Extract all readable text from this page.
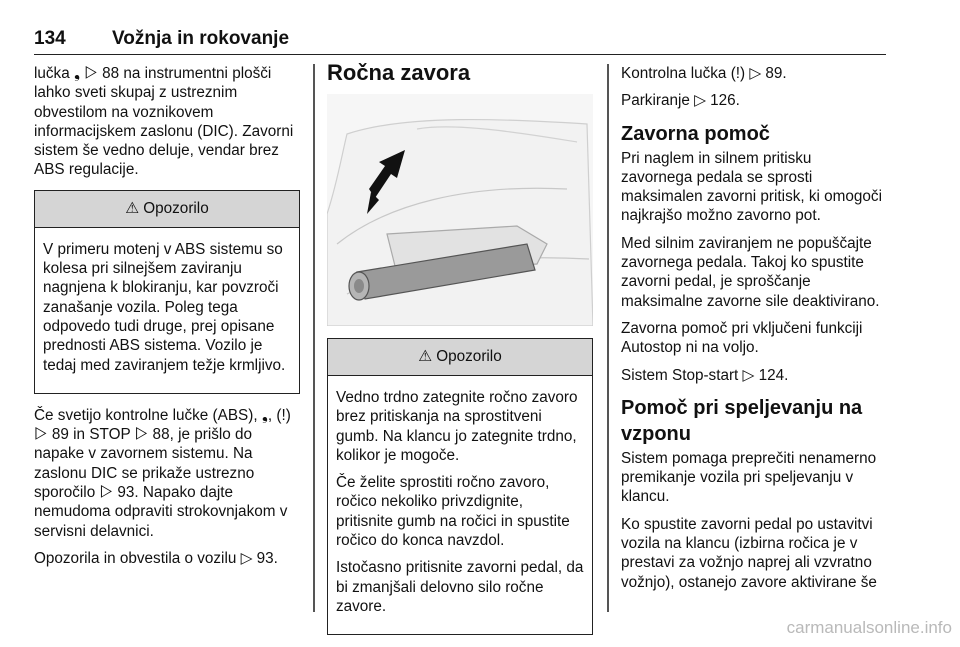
134 Vožnja in rokovanje

lučka ❟ ▷ 88 na instrumentni plošči lahko sveti skupaj z ustreznim obvestilom na voznikovem informacijskem zaslonu (DIC). Zavorni sistem še vedno deluje, vendar brez ABS regulacije.

⚠ Opozorilo

V primeru motenj v ABS sistemu so kolesa pri silnejšem zaviranju nagnjena k blokiranju, kar povzroči zanašanje vozila. Poleg tega odpovedo tudi druge, prej opisane prednosti ABS sistema. Vozilo je tedaj med zaviranjem težje krmljivo.

Če svetijo kontrolne lučke (ABS), ❟, (!) ▷ 89 in STOP ▷ 88, je prišlo do napake v zavornem sistemu. Na zaslonu DIC se prikaže ustrezno sporočilo ▷ 93. Napako dajte nemudoma odpraviti strokovnjakom v servisni delavnici.

Opozorila in obvestila o vozilu ▷ 93.

Ročna zavora
⚠ Opozorilo

Vedno trdno zategnite ročno zavoro brez pritiskanja na sprostitveni gumb. Na klancu jo zategnite trdno, kolikor je mogoče.

Če želite sprostiti ročno zavoro, ročico nekoliko privzdignite, pritisnite gumb na ročici in spustite ročico do konca navzdol.

Istočasno pritisnite zavorni pedal, da bi zmanjšali delovno silo ročne zavore.

Kontrolna lučka (!) ▷ 89.

Parkiranje ▷ 126.

Zavorna pomoč

Pri naglem in silnem pritisku zavornega pedala se sprosti maksimalen zavorni pritisk, ki omogoči najkrajšo možno zavorno pot.

Med silnim zaviranjem ne popuščajte zavornega pedala. Takoj ko spustite zavorni pedal, je sproščanje maksimalne zavorne sile deaktivirano.

Zavorna pomoč pri vključeni funkciji Autostop ni na voljo.

Sistem Stop-start ▷ 124.

Pomoč pri speljevanju na vzponu

Sistem pomaga preprečiti nenamerno premikanje vozila pri speljevanju v klancu.

Ko spustite zavorni pedal po ustavitvi vozila na klancu (izbirna ročica je v prestavi za vožnjo naprej ali vzvratno vožnjo), ostanejo zavore aktivirane še

carmanualsonline.info
